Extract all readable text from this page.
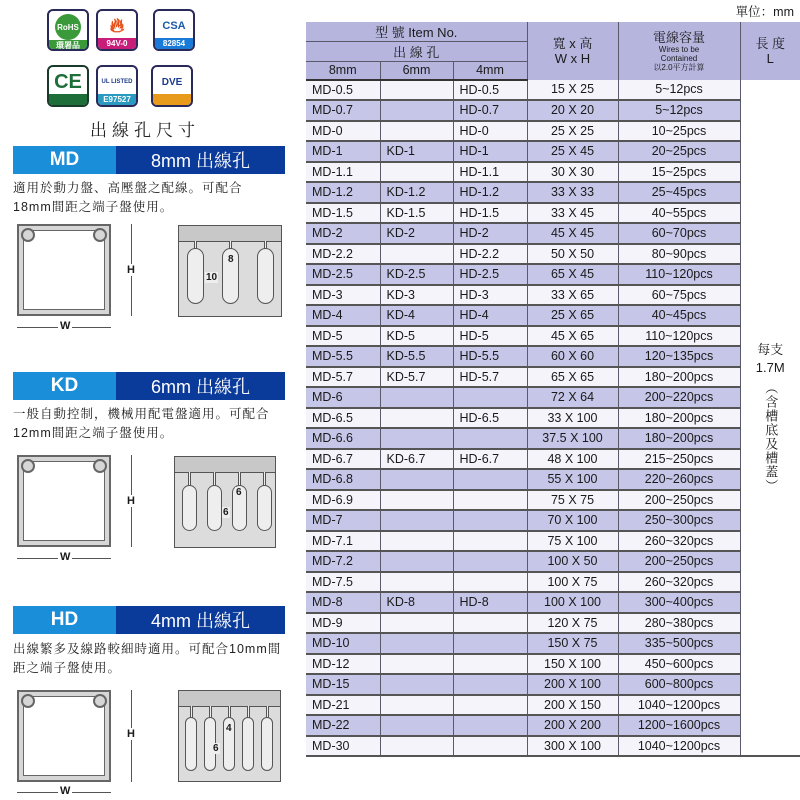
RoHS
環署品
🔥︎
94V-0
CSA
82854
CE	UL LISTED
E97527
DVE
出線孔尺寸
MD	8mm 出線孔
適用於動力盤、高壓盤之配線。可配合
18mm間距之端子盤使用。
H
W
8
10
KD	6mm 出線孔
一般自動控制，機械用配電盤適用。可配合
12mm間距之端子盤使用。
H
W
6
6
HD	4mm 出線孔
出線繁多及線路較細時適用。可配合10mm間
距之端子盤使用。
H
W
4
6
單位：mm
型 號 Item No.			寬 x 高
W x H	電線容量
Wires to be
Contained
以2.0平方計算	長 度
L

出 線 孔					
8mm	6mm	4mm			
MD-0.5		HD-0.5	15 X 25	5~12pcs	每支
1.7M
（含槽底及槽蓋）

MD-0.7		HD-0.7	20 X 20	5~12pcs	
MD-0		HD-0	25 X 25	10~25pcs	
MD-1	KD-1	HD-1	25 X 45	20~25pcs	
MD-1.1		HD-1.1	30 X 30	15~25pcs	
MD-1.2	KD-1.2	HD-1.2	33 X 33	25~45pcs	
MD-1.5	KD-1.5	HD-1.5	33 X 45	40~55pcs	
MD-2	KD-2	HD-2	45 X 45	60~70pcs	
MD-2.2		HD-2.2	50 X 50	80~90pcs	
MD-2.5	KD-2.5	HD-2.5	65 X 45	110~120pcs	
MD-3	KD-3	HD-3	33 X 65	60~75pcs	
MD-4	KD-4	HD-4	25 X 65	40~45pcs	
MD-5	KD-5	HD-5	45 X 65	110~120pcs	
MD-5.5	KD-5.5	HD-5.5	60 X 60	120~135pcs	
MD-5.7	KD-5.7	HD-5.7	65 X 65	180~200pcs	
MD-6			72 X 64	200~220pcs	
MD-6.5		HD-6.5	33 X 100	180~200pcs	
MD-6.6			37.5 X 100	180~200pcs	
MD-6.7	KD-6.7	HD-6.7	48 X 100	215~250pcs	
MD-6.8			55 X 100	220~260pcs	
MD-6.9			75 X 75	200~250pcs	
MD-7			70 X 100	250~300pcs	
MD-7.1			75 X 100	260~320pcs	
MD-7.2			100 X 50	200~250pcs	
MD-7.5			100 X 75	260~320pcs	
MD-8	KD-8	HD-8	100 X 100	300~400pcs	
MD-9			120 X 75	280~380pcs	
MD-10			150 X 75	335~500pcs	
MD-12			150 X 100	450~600pcs	
MD-15			200 X 100	600~800pcs	
MD-21			200 X 150	1040~1200pcs	
MD-22			200 X 200	1200~1600pcs	
MD-30			300 X 100	1040~1200pcs	
